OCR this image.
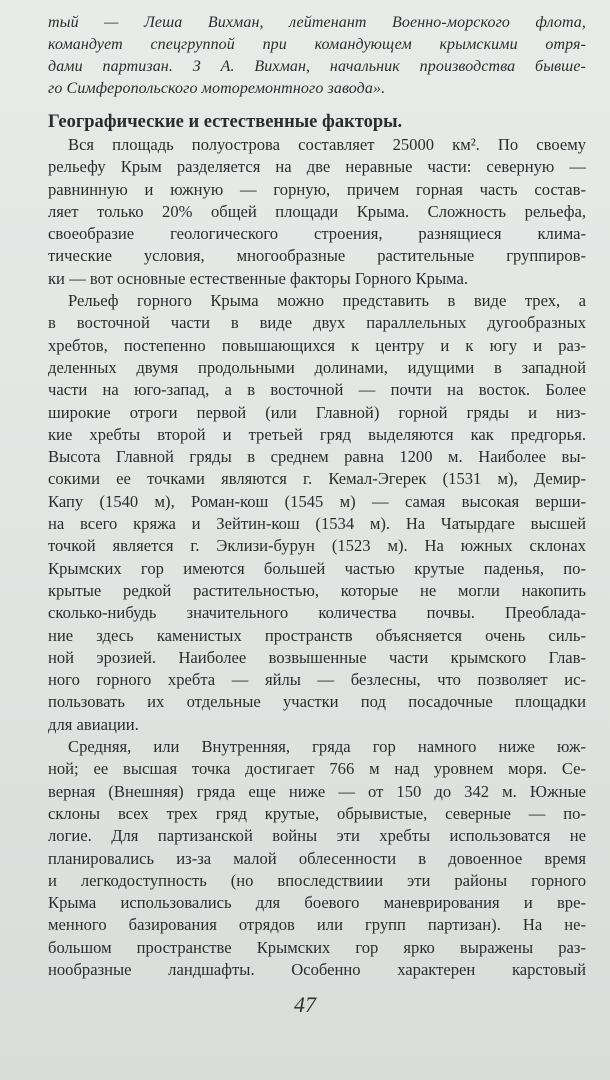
тый — Леша Вихман, лейтенант Военно-морского флота,
командует спецгруппой при командующем крымскими отря-
дами партизан. З А. Вихман, начальник производства бывше-
го Симферопольского моторемонтного завода».
Географические и естественные факторы.
Вся площадь полуострова составляет 25000 км². По своему
рельефу Крым разделяется на две неравные части: северную —
равнинную и южную — горную, причем горная часть состав-
ляет только 20% общей площади Крыма. Сложность рельефа,
своеобразие геологического строения, разнящиеся клима-
тические условия, многообразные растительные группиров-
ки — вот основные естественные факторы Горного Крыма.
Рельеф горного Крыма можно представить в виде трех, а
в восточной части в виде двух параллельных дугообразных
хребтов, постепенно повышающихся к центру и к югу и раз-
деленных двумя продольными долинами, идущими в западной
части на юго-запад, а в восточной — почти на восток. Более
широкие отроги первой (или Главной) горной гряды и низ-
кие хребты второй и третьей гряд выделяются как предгорья.
Высота Главной гряды в среднем равна 1200 м. Наиболее вы-
сокими ее точками являются г. Кемал-Эгерек (1531 м), Демир-
Капу (1540 м), Роман-кош (1545 м) — самая высокая верши-
на всего кряжа и Зейтин-кош (1534 м). На Чатырдаге высшей
точкой является г. Эклизи-бурун (1523 м). На южных склонах
Крымских гор имеются большей частью крутые паденья, по-
крытые редкой растительностью, которые не могли накопить
сколько-нибудь значительного количества почвы. Преоблада-
ние здесь каменистых пространств объясняется очень силь-
ной эрозией. Наиболее возвышенные части крымского Глав-
ного горного хребта — яйлы — безлесны, что позволяет ис-
пользовать их отдельные участки под посадочные площадки
для авиации.
Средняя, или Внутренняя, гряда гор намного ниже юж-
ной; ее высшая точка достигает 766 м над уровнем моря. Се-
верная (Внешняя) гряда еще ниже — от 150 до 342 м. Южные
склоны всех трех гряд крутые, обрывистые, северные — по-
логие. Для партизанской войны эти хребты использоватся не
планировались из-за малой облесенности в довоенное время
и легкодоступность (но впоследствиии эти районы горного
Крыма использовались для боевого маневрирования и вре-
менного базирования отрядов или групп партизан). На не-
большом пространстве Крымских гор ярко выражены раз-
нообразные ландшафты. Особенно характерен карстовый
47
